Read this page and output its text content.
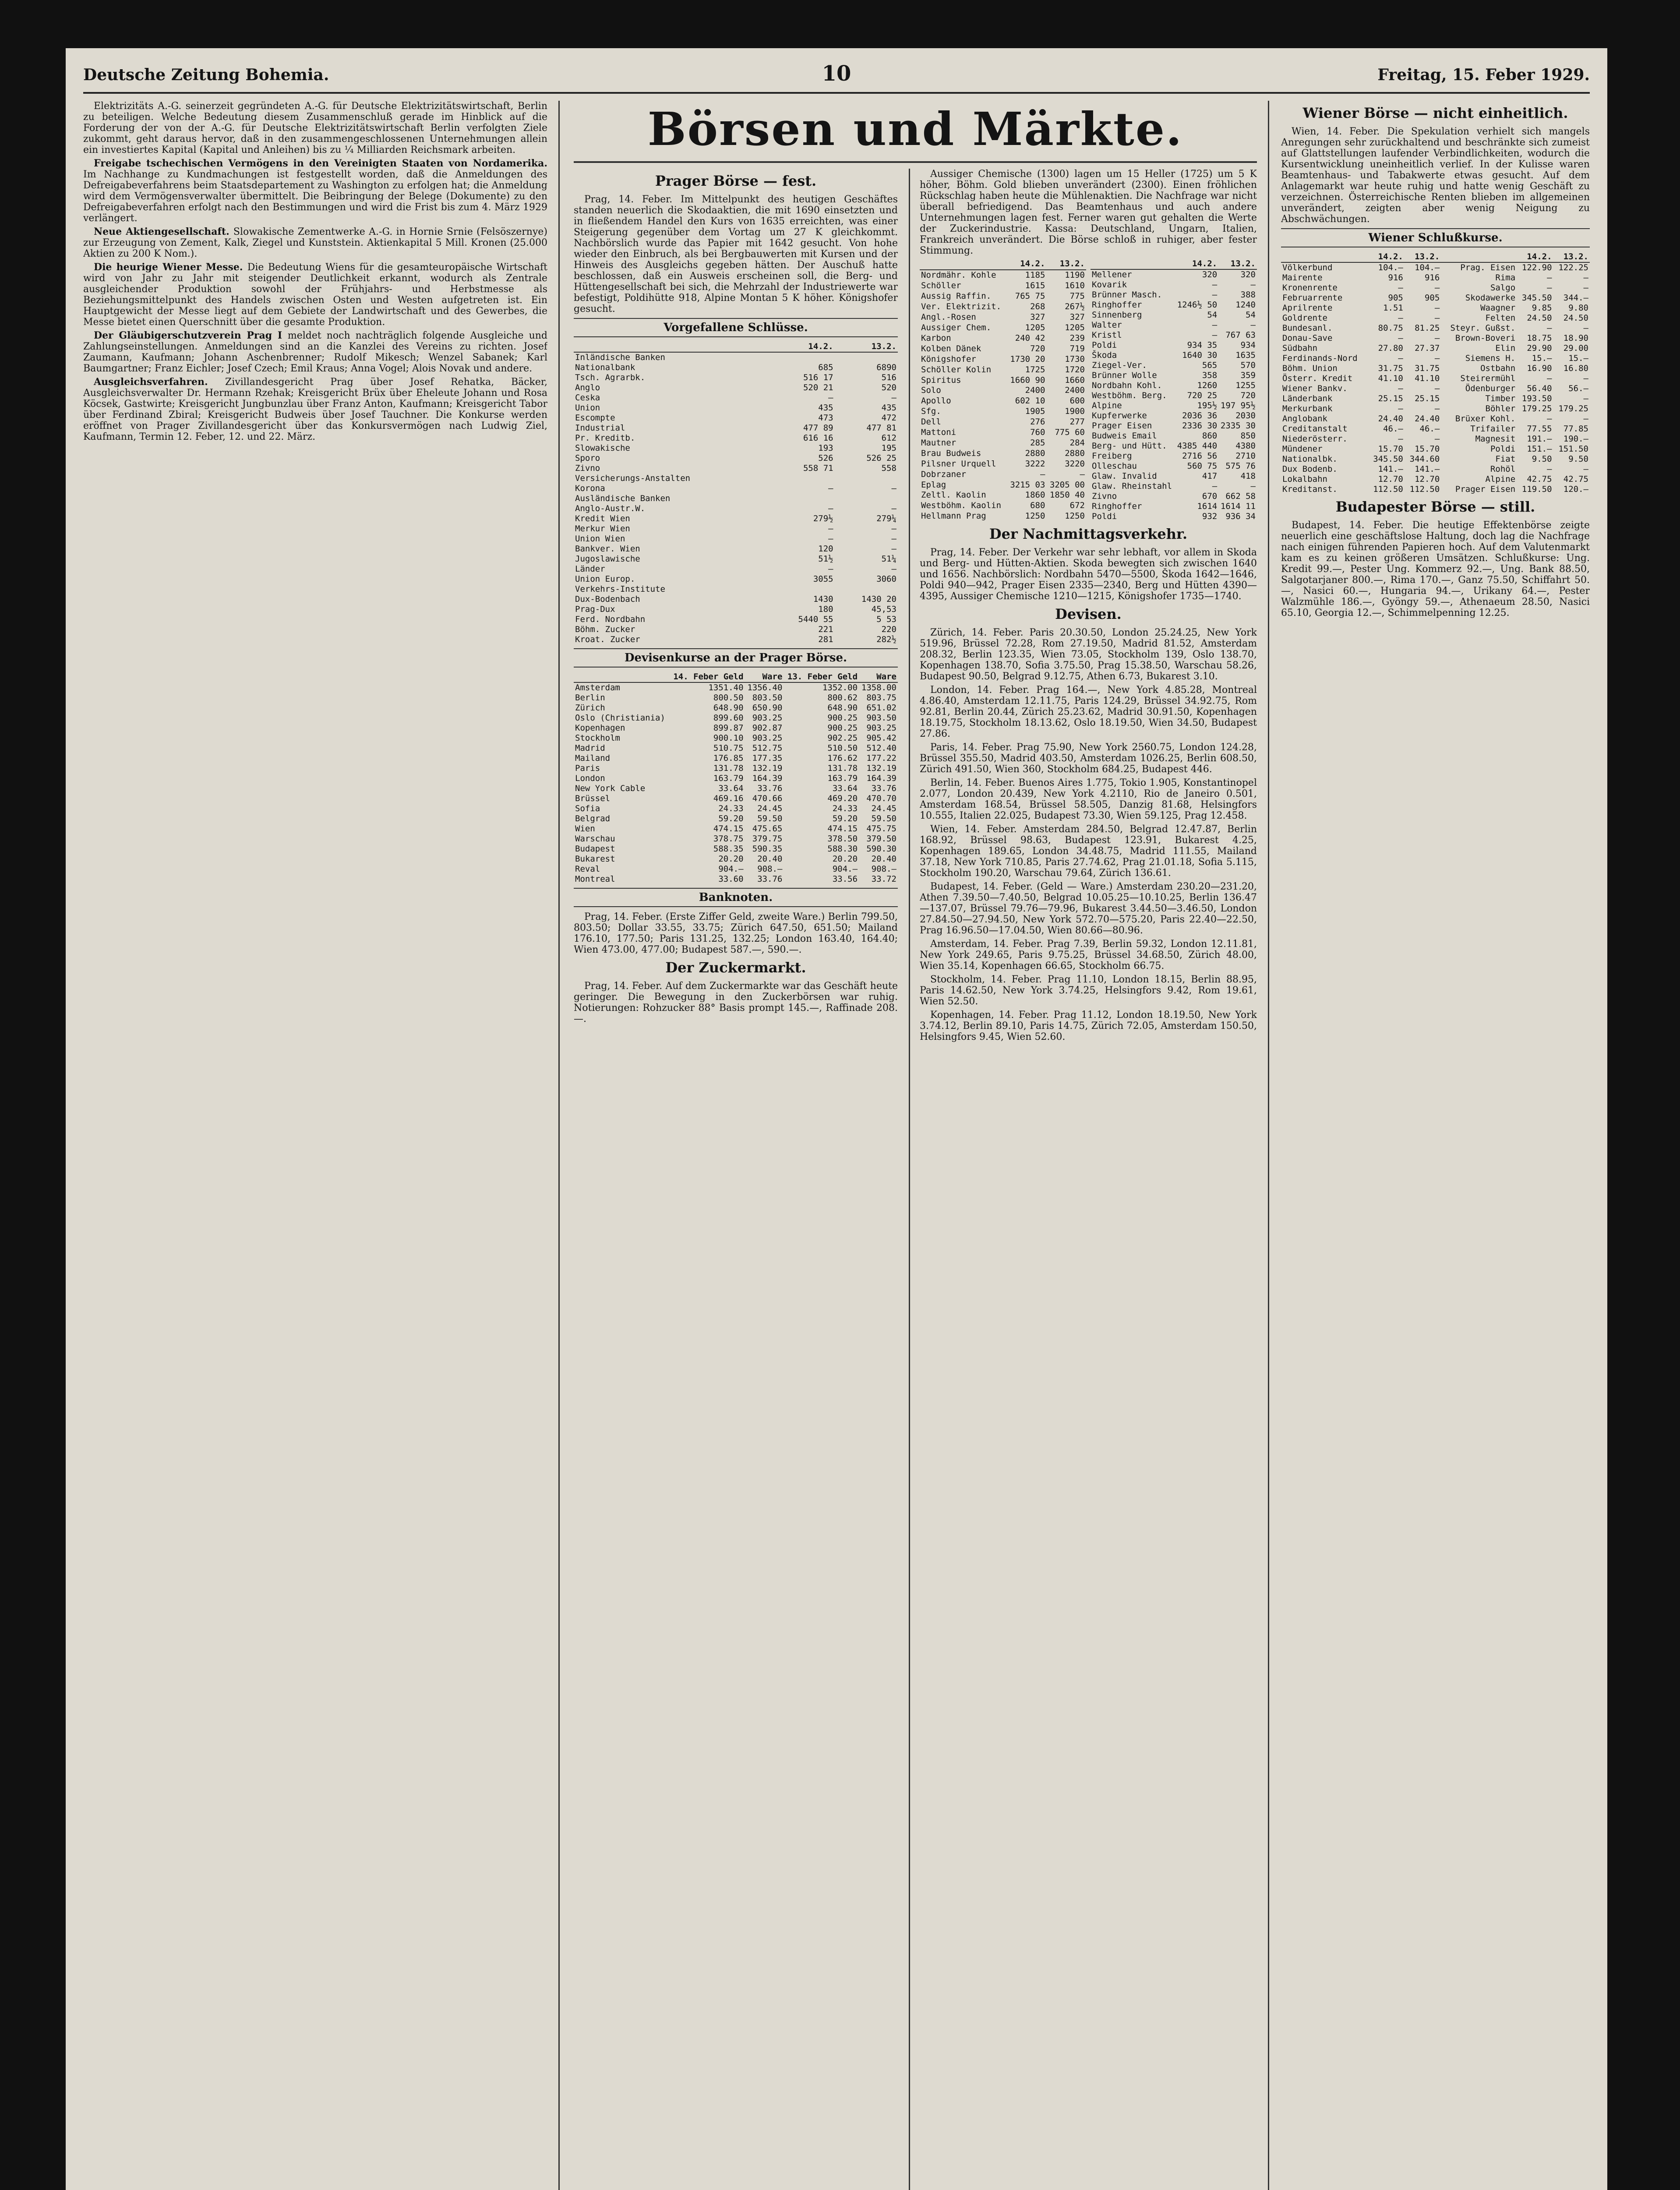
Deutsche Zeitung Bohemia.	10	Freitag, 15. Feber 1929.

Elektrizitäts A.-G. seinerzeit gegründeten A.-G. für Deutsche Elektrizitätswirtschaft, Berlin zu beteiligen. Welche Bedeutung diesem Zusammenschluß gerade im Hinblick auf die Forderung der von der A.-G. für Deutsche Elektrizitätswirtschaft Berlin verfolgten Ziele zukommt, geht daraus hervor, daß in den zusammengeschlossenen Unternehmungen allein ein investiertes Kapital (Kapital und Anleihen) bis zu ¼ Milliarden Reichsmark arbeiten.

Freigabe tschechischen Vermögens in den Vereinigten Staaten von Nordamerika. Im Nachhange zu Kundmachungen ist festgestellt worden, daß die Anmeldungen des Defreigabeverfahrens beim Staatsdepartement zu Washington zu erfolgen hat; die Anmeldung wird dem Vermögensverwalter übermittelt. Die Beibringung der Belege (Dokumente) zu den Defreigabeverfahren erfolgt nach den Bestimmungen und wird die Frist bis zum 4. März 1929 verlängert.

Neue Aktiengesellschaft. Slowakische Zementwerke A.-G. in Hornie Srnie (Felsöszernye) zur Erzeugung von Zement, Kalk, Ziegel und Kunststein. Aktienkapital 5 Mill. Kronen (25.000 Aktien zu 200 K Nom.).

Die heurige Wiener Messe. Die Bedeutung Wiens für die gesamteuropäische Wirtschaft wird von Jahr zu Jahr mit steigender Deutlichkeit erkannt, wodurch als Zentrale ausgleichender Produktion sowohl der Frühjahrs- und Herbstmesse als Beziehungsmittelpunkt des Handels zwischen Osten und Westen aufgetreten ist. Ein Hauptgewicht der Messe liegt auf dem Gebiete der Landwirtschaft und des Gewerbes, die Messe bietet einen Querschnitt über die gesamte Produktion.

Der Gläubigerschutzverein Prag I meldet noch nachträglich folgende Ausgleiche und Zahlungseinstellungen. Anmeldungen sind an die Kanzlei des Vereins zu richten. Josef Zaumann, Kaufmann; Johann Aschenbrenner; Rudolf Mikesch; Wenzel Sabanek; Karl Baumgartner; Franz Eichler; Josef Czech; Emil Kraus; Anna Vogel; Alois Novak und andere.

Ausgleichsverfahren. Zivillandesgericht Prag über Josef Rehatka, Bäcker, Ausgleichsverwalter Dr. Hermann Rzehak; Kreisgericht Brüx über Eheleute Johann und Rosa Köcsek, Gastwirte; Kreisgericht Jungbunzlau über Franz Anton, Kaufmann; Kreisgericht Tabor über Ferdinand Zbiral; Kreisgericht Budweis über Josef Tauchner. Die Konkurse werden eröffnet von Prager Zivillandesgericht über das Konkursvermögen nach Ludwig Ziel, Kaufmann, Termin 12. Feber, 12. und 22. März.

Börsen und Märkte.
Prager Börse — fest.

Prag, 14. Feber. Im Mittelpunkt des heutigen Geschäftes standen neuerlich die Skodaaktien, die mit 1690 einsetzten und in fließendem Handel den Kurs von 1635 erreichten, was einer Steigerung gegenüber dem Vortag um 27 K gleichkommt. Nachbörslich wurde das Papier mit 1642 gesucht. Von hohe wieder den Einbruch, als bei Bergbauwerten mit Kursen und der Hinweis des Ausgleichs gegeben hätten. Der Auschuß hatte beschlossen, daß ein Ausweis erscheinen soll, die Berg- und Hüttengesellschaft bei sich, die Mehrzahl der Industriewerte war befestigt, Poldihütte 918, Alpine Montan 5 K höher. Königshofer gesucht.

Vorgefallene Schlüsse.
	14.2.	13.2.
Inländische Banken		
Nationalbank	685	6890
Tsch. Agrarbk.	516 17	516
Anglo	520 21	520
Ceska	—	—
Union	435	435
Escompte	473	472
Industrial	477 89	477 81
Pr. Kreditb.	616 16	612
Slowakische	193	195
Sporo	526	526 25
Zivno	558 71	558
Versicherungs-Anstalten		
Korona	—	—
Ausländische Banken		
Anglo-Austr.W.	—	—
Kredit Wien	279½	279¼
Merkur Wien	—	—
Union Wien	—	—
Bankver. Wien	120	—
Jugoslawische	51½	51¼
Länder	—	—
Union Europ.	3055	3060
Verkehrs-Institute		
Dux-Bodenbach	1430	1430 20
Prag-Dux	180	45,53
Ferd. Nordbahn	5440 55	5 53
Böhm. Zucker	221	220
Kroat. Zucker	281	282½
Devisenkurse an der Prager Börse.
	14. Feber Geld	Ware	13. Feber Geld	Ware
Amsterdam	1351.40	1356.40	1352.00	1358.00
Berlin	800.50	803.50	800.62	803.75
Zürich	648.90	650.90	648.90	651.02
Oslo (Christiania)	899.60	903.25	900.25	903.50
Kopenhagen	899.87	902.87	900.25	903.25
Stockholm	900.10	903.25	902.25	905.42
Madrid	510.75	512.75	510.50	512.40
Mailand	176.85	177.35	176.62	177.22
Paris	131.78	132.19	131.78	132.19
London	163.79	164.39	163.79	164.39
New York Cable	33.64	33.76	33.64	33.76
Brüssel	469.16	470.66	469.20	470.70
Sofia	24.33	24.45	24.33	24.45
Belgrad	59.20	59.50	59.20	59.50
Wien	474.15	475.65	474.15	475.75
Warschau	378.75	379.75	378.50	379.50
Budapest	588.35	590.35	588.30	590.30
Bukarest	20.20	20.40	20.20	20.40
Reval	904.—	908.—	904.—	908.—
Montreal	33.60	33.76	33.56	33.72
Banknoten.

Prag, 14. Feber. (Erste Ziffer Geld, zweite Ware.) Berlin 799.50, 803.50; Dollar 33.55, 33.75; Zürich 647.50, 651.50; Mailand 176.10, 177.50; Paris 131.25, 132.25; London 163.40, 164.40; Wien 473.00, 477.00; Budapest 587.—, 590.—.

Der Zuckermarkt.

Prag, 14. Feber. Auf dem Zuckermarkte war das Geschäft heute geringer. Die Bewegung in den Zuckerbörsen war ruhig. Notierungen: Rohzucker 88° Basis prompt 145.—, Raffinade 208.—.

Aussiger Chemische (1300) lagen um 15 Heller (1725) um 5 K höher, Böhm. Gold blieben unverändert (2300). Einen fröhlichen Rückschlag haben heute die Mühlenaktien. Die Nachfrage war nicht überall befriedigend. Das Beamtenhaus und auch andere Unternehmungen lagen fest. Ferner waren gut gehalten die Werte der Zuckerindustrie. Kassa: Deutschland, Ungarn, Italien, Frankreich unverändert. Die Börse schloß in ruhiger, aber fester Stimmung.

	14.2.	13.2.
Nordmähr. Kohle	1185	1190
Schöller	1615	1610
Aussig Raffin.	765 75	775
Ver. Elektrizit.	268	267½
Angl.-Rosen	327	327
Aussiger Chem.	1205	1205
Karbon	240 42	239
Kolben Dänek	720	719
Königshofer	1730 20	1730
Schöller Kolin	1725	1720
Spiritus	1660 90	1660
Solo	2400	2400
Apollo	602 10	600
Sfg.	1905	1900
Dell	276	277
Mattoni	760	775 60
Mautner	285	284
Brau Budweis	2880	2880
Pilsner Urquell	3222	3220
Dobrzaner	—	—
Eplag	3215 03	3205 00
Zeltl. Kaolin	1860	1850 40
Westböhm. Kaolin	680	672
Hellmann Prag	1250	1250
	14.2.	13.2.
Mellener	320	320
Kovarik	—	—
Brünner Masch.	—	388
Ringhoffer	1246½ 50	1240
Sinnenberg	54	54
Walter	—	—
Kristl	—	767 63
Poldi	934 35	934
Škoda	1640 30	1635
Ziegel-Ver.	565	570
Brünner Wolle	358	359
Nordbahn Kohl.	1260	1255
Westböhm. Berg.	720 25	720
Alpine	195½	197 95½
Kupferwerke	2036 36	2030
Prager Eisen	2336 30	2335 30
Budweis Email	860	850
Berg- und Hütt.	4385 440	4380
Freiberg	2716 56	2710
Olleschau	560 75	575 76
Glaw. Invalid	417	418
Glaw. Rheinstahl	—	—
Zivno	670	662 58
Ringhoffer	1614	1614 11
Poldi	932	936 34
Der Nachmittagsverkehr.

Prag, 14. Feber. Der Verkehr war sehr lebhaft, vor allem in Skoda und Berg- und Hütten-Aktien. Skoda bewegten sich zwischen 1640 und 1656. Nachbörslich: Nordbahn 5470—5500, Škoda 1642—1646, Poldi 940—942, Prager Eisen 2335—2340, Berg und Hütten 4390—4395, Aussiger Chemische 1210—1215, Königshofer 1735—1740.

Devisen.

Zürich, 14. Feber. Paris 20.30.50, London 25.24.25, New York 519.96, Brüssel 72.28, Rom 27.19.50, Madrid 81.52, Amsterdam 208.32, Berlin 123.35, Wien 73.05, Stockholm 139, Oslo 138.70, Kopenhagen 138.70, Sofia 3.75.50, Prag 15.38.50, Warschau 58.26, Budapest 90.50, Belgrad 9.12.75, Athen 6.73, Bukarest 3.10.

London, 14. Feber. Prag 164.—, New York 4.85.28, Montreal 4.86.40, Amsterdam 12.11.75, Paris 124.29, Brüssel 34.92.75, Rom 92.81, Berlin 20.44, Zürich 25.23.62, Madrid 30.91.50, Kopenhagen 18.19.75, Stockholm 18.13.62, Oslo 18.19.50, Wien 34.50, Budapest 27.86.

Paris, 14. Feber. Prag 75.90, New York 2560.75, London 124.28, Brüssel 355.50, Madrid 403.50, Amsterdam 1026.25, Berlin 608.50, Zürich 491.50, Wien 360, Stockholm 684.25, Budapest 446.

Berlin, 14. Feber. Buenos Aires 1.775, Tokio 1.905, Konstantinopel 2.077, London 20.439, New York 4.2110, Rio de Janeiro 0.501, Amsterdam 168.54, Brüssel 58.505, Danzig 81.68, Helsingfors 10.555, Italien 22.025, Budapest 73.30, Wien 59.125, Prag 12.458.

Wien, 14. Feber. Amsterdam 284.50, Belgrad 12.47.87, Berlin 168.92, Brüssel 98.63, Budapest 123.91, Bukarest 4.25, Kopenhagen 189.65, London 34.48.75, Madrid 111.55, Mailand 37.18, New York 710.85, Paris 27.74.62, Prag 21.01.18, Sofia 5.115, Stockholm 190.20, Warschau 79.64, Zürich 136.61.

Budapest, 14. Feber. (Geld — Ware.) Amsterdam 230.20—231.20, Athen 7.39.50—7.40.50, Belgrad 10.05.25—10.10.25, Berlin 136.47—137.07, Brüssel 79.76—79.96, Bukarest 3.44.50—3.46.50, London 27.84.50—27.94.50, New York 572.70—575.20, Paris 22.40—22.50, Prag 16.96.50—17.04.50, Wien 80.66—80.96.

Amsterdam, 14. Feber. Prag 7.39, Berlin 59.32, London 12.11.81, New York 249.65, Paris 9.75.25, Brüssel 34.68.50, Zürich 48.00, Wien 35.14, Kopenhagen 66.65, Stockholm 66.75.

Stockholm, 14. Feber. Prag 11.10, London 18.15, Berlin 88.95, Paris 14.62.50, New York 3.74.25, Helsingfors 9.42, Rom 19.61, Wien 52.50.

Kopenhagen, 14. Feber. Prag 11.12, London 18.19.50, New York 3.74.12, Berlin 89.10, Paris 14.75, Zürich 72.05, Amsterdam 150.50, Helsingfors 9.45, Wien 52.60.

Wiener Börse — nicht einheitlich.

Wien, 14. Feber. Die Spekulation verhielt sich mangels Anregungen sehr zurückhaltend und beschränkte sich zumeist auf Glattstellungen laufender Verbindlichkeiten, wodurch die Kursentwicklung uneinheitlich verlief. In der Kulisse waren Beamtenhaus- und Tabakwerte etwas gesucht. Auf dem Anlagemarkt war heute ruhig und hatte wenig Geschäft zu verzeichnen. Österreichische Renten blieben im allgemeinen unverändert, zeigten aber wenig Neigung zu Abschwächungen.

Wiener Schlußkurse.
	14.2.	13.2.		14.2.	13.2.
Völkerbund	104.—	104.—	Prag. Eisen	122.90	122.25
Mairente	916	916	Rima	—	—
Kronenrente	—	—	Salgo	—	—
Februarrente	905	905	Skodawerke	345.50	344.—
Aprilrente	1.51	—	Waagner	9.85	9.80
Goldrente	—	—	Felten	24.50	24.50
Bundesanl.	80.75	81.25	Steyr. Gußst.	—	—
Donau-Save	—	—	Brown-Boveri	18.75	18.90
Südbahn	27.80	27.37	Elin	29.90	29.00
Ferdinands-Nord	—	—	Siemens H.	15.—	15.—
Böhm. Union	31.75	31.75	Ostbahn	16.90	16.80
Österr. Kredit	41.10	41.10	Steirermühl	—	—
Wiener Bankv.	—	—	Ödenburger	56.40	56.—
Länderbank	25.15	25.15	Timber	193.50	—
Merkurbank	—	—	Böhler	179.25	179.25
Anglobank	24.40	24.40	Brüxer Kohl.	—	—
Creditanstalt	46.—	46.—	Trifailer	77.55	77.85
Niederösterr.	—	—	Magnesit	191.—	190.—
Mündener	15.70	15.70	Poldi	151.—	151.50
Nationalbk.	345.50	344.60	Fiat	9.50	9.50
Dux Bodenb.	141.—	141.—	Rohöl	—	—
Lokalbahn	12.70	12.70	Alpine	42.75	42.75
Kreditanst.	112.50	112.50	Prager Eisen	119.50	120.—
Budapester Börse — still.

Budapest, 14. Feber. Die heutige Effektenbörse zeigte neuerlich eine geschäftslose Haltung, doch lag die Nachfrage nach einigen führenden Papieren hoch. Auf dem Valutenmarkt kam es zu keinen größeren Umsätzen. Schlußkurse: Ung. Kredit 99.—, Pester Ung. Kommerz 92.—, Ung. Bank 88.50, Salgotarjaner 800.—, Rima 170.—, Ganz 75.50, Schiffahrt 50.—, Nasici 60.—, Hungaria 94.—, Urikany 64.—, Pester Walzmühle 186.—, Gyöngy 59.—, Athenaeum 28.50, Nasici 65.10, Georgia 12.—, Schimmelpenning 12.25.
